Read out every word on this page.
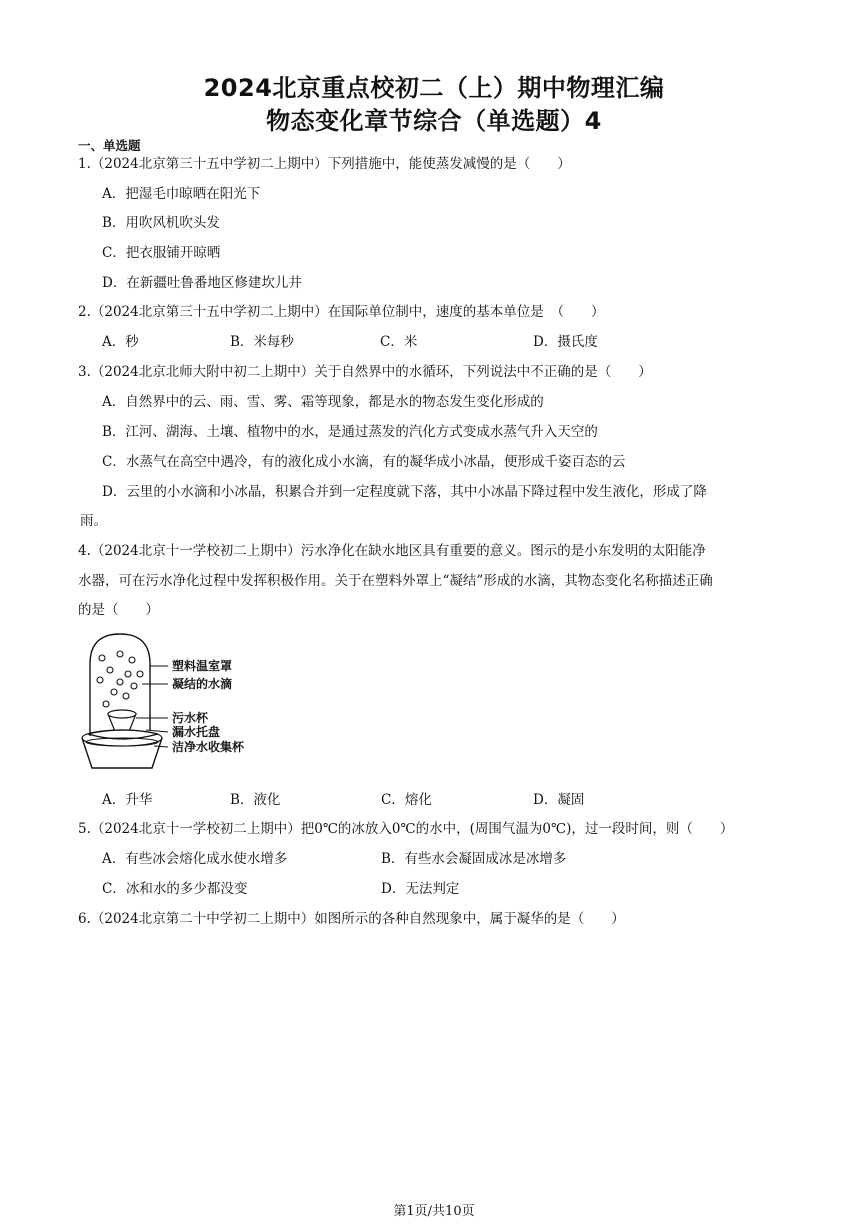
2024北京重点校初二（上）期中物理汇编
物态变化章节综合（单选题）4
一、单选题
1.（2024北京第三十五中学初二上期中）下列措施中，能使蒸发减慢的是（　　）
A．把湿毛巾晾晒在阳光下
B．用吹风机吹头发
C．把衣服铺开晾晒
D．在新疆吐鲁番地区修建坎儿井
2.（2024北京第三十五中学初二上期中）在国际单位制中，速度的基本单位是　（　　）
A．秒	B．米每秒	C．米	D．摄氏度
3.（2024北京北师大附中初二上期中）关于自然界中的水循环，下列说法中不正确的是（　　）
A．自然界中的云、雨、雪、雾、霜等现象，都是水的物态发生变化形成的
B．江河、湖海、土壤、植物中的水，是通过蒸发的汽化方式变成水蒸气升入天空的
C．水蒸气在高空中遇冷，有的液化成小水滴，有的凝华成小冰晶，便形成千姿百态的云
D．云里的小水滴和小冰晶，积累合并到一定程度就下落，其中小冰晶下降过程中发生液化，形成了降
雨。
4.（2024北京十一学校初二上期中）污水净化在缺水地区具有重要的意义。图示的是小东发明的太阳能净
水器，可在污水净化过程中发挥积极作用。关于在塑料外罩上“凝结”形成的水滴，其物态变化名称描述正确
的是（　　）
塑料温室罩
凝结的水滴
污水杯
漏水托盘
洁净水收集杯
A．升华	B．液化	C．熔化	D．凝固
5.（2024北京十一学校初二上期中）把0℃的冰放入0℃的水中，(周围气温为0℃)，过一段时间，则（　　）
A．有些冰会熔化成水使水增多	B．有些水会凝固成冰是冰增多
C．冰和水的多少都没变	D．无法判定
6.（2024北京第二十中学初二上期中）如图所示的各种自然现象中，属于凝华的是（　　）
第1页/共10页
